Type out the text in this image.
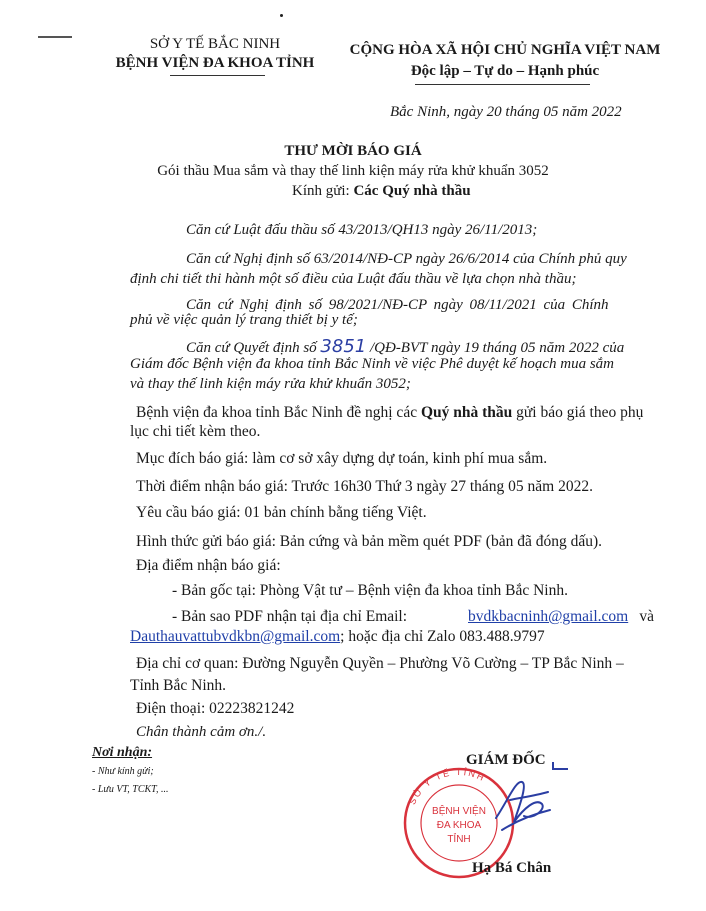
SỞ Y TẾ BẮC NINH
BỆNH VIỆN ĐA KHOA TỈNH
CỘNG HÒA XÃ HỘI CHỦ NGHĨA VIỆT NAM
Độc lập – Tự do – Hạnh phúc
Bắc Ninh, ngày 20 tháng 05 năm 2022
THƯ MỜI BÁO GIÁ
Gói thầu Mua sắm và thay thế linh kiện máy rửa khử khuẩn 3052
Kính gửi: Các Quý nhà thầu
Căn cứ Luật đấu thầu số 43/2013/QH13 ngày 26/11/2013;
Căn cứ Nghị định số 63/2014/NĐ-CP ngày 26/6/2014 của Chính phủ quy
định chi tiết thi hành một số điều của Luật đấu thầu về lựa chọn nhà thầu;
Căn cứ Nghị định số 98/2021/NĐ-CP ngày 08/11/2021 của Chính
phủ về việc quản lý trang thiết bị y tế;
Căn cứ Quyết định số 3851 /QĐ-BVT ngày 19 tháng 05 năm 2022 của
Giám đốc Bệnh viện đa khoa tỉnh Bắc Ninh về việc Phê duyệt kế hoạch mua sắm
và thay thế linh kiện máy rửa khử khuẩn 3052;
Bệnh viện đa khoa tỉnh Bắc Ninh đề nghị các Quý nhà thầu gửi báo giá theo phụ
lục chi tiết kèm theo.
Mục đích báo giá: làm cơ sở xây dựng dự toán, kinh phí mua sắm.
Thời điểm nhận báo giá: Trước 16h30 Thứ 3 ngày 27 tháng 05 năm 2022.
Yêu cầu báo giá: 01 bản chính bằng tiếng Việt.
Hình thức gửi báo giá: Bản cứng và bản mềm quét PDF (bản đã đóng dấu).
Địa điểm nhận báo giá:
- Bản gốc tại: Phòng Vật tư – Bệnh viện đa khoa tỉnh Bắc Ninh.
- Bản sao PDF nhận tại địa chỉ Email:	bvdkbacninh@gmail.com và
Dauthauvattubvdkbn@gmail.com; hoặc địa chỉ Zalo 083.488.9797
Địa chỉ cơ quan: Đường Nguyễn Quyền – Phường Võ Cường – TP Bắc Ninh –
Tỉnh Bắc Ninh.
Điện thoại: 02223821242
Chân thành cảm ơn./.
Nơi nhận:
- Như kính gửi;
- Lưu VT, TCKT, ...
GIÁM ĐỐC
SỞ Y TẾ TỈNH
BỆNH VIỆN
ĐA KHOA
TỈNH
Hạ Bá Chân
